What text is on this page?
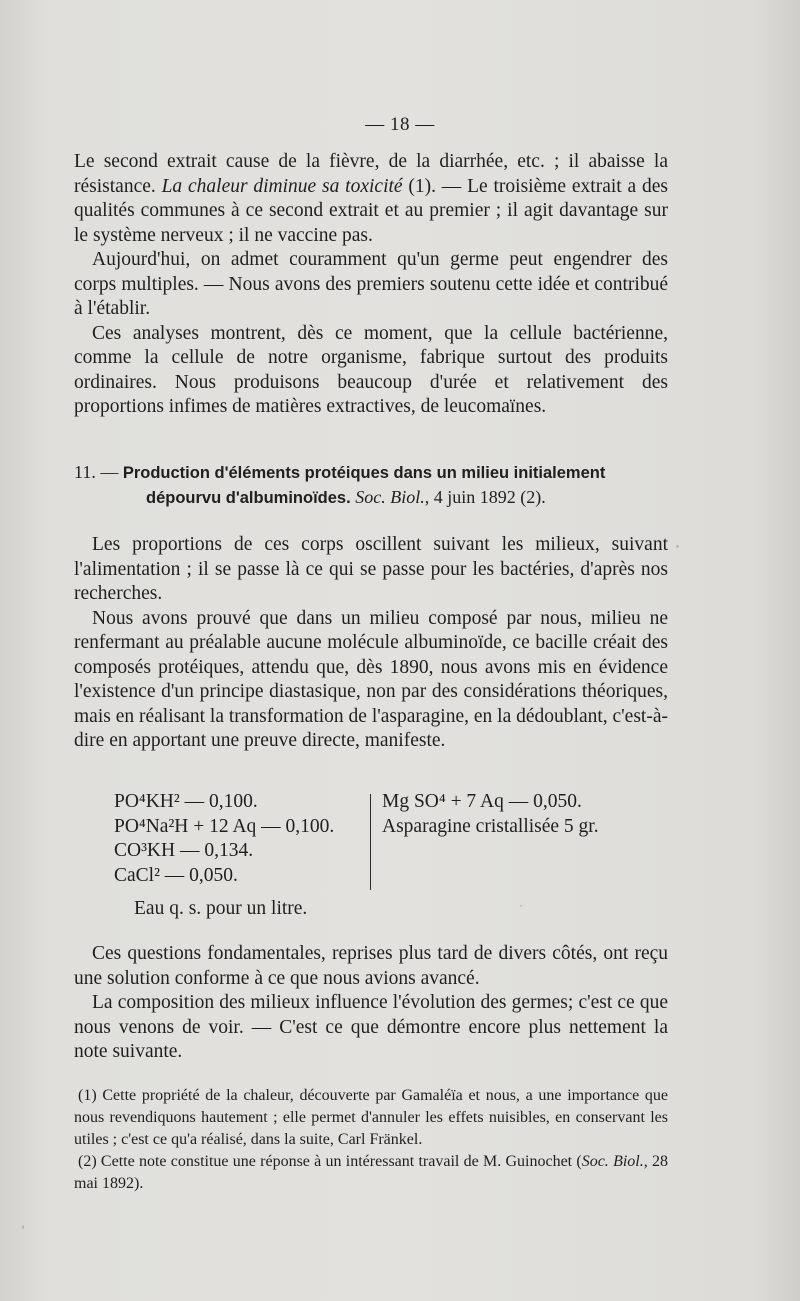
— 18 —

Le second extrait cause de la fièvre, de la diarrhée, etc. ; il abaisse la résistance. La chaleur diminue sa toxicité (1). — Le troisième extrait a des qualités communes à ce second extrait et au premier ; il agit davantage sur le système nerveux ; il ne vaccine pas.

Aujourd'hui, on admet couramment qu'un germe peut engendrer des corps multiples. — Nous avons des premiers soutenu cette idée et contribué à l'établir.

Ces analyses montrent, dès ce moment, que la cellule bactérienne, comme la cellule de notre organisme, fabrique surtout des produits ordinaires. Nous produisons beaucoup d'urée et relativement des proportions infimes de matières extractives, de leucomaïnes.

11. — Production d'éléments protéiques dans un milieu initialement
dépourvu d'albuminoïdes. Soc. Biol., 4 juin 1892 (2).

Les proportions de ces corps oscillent suivant les milieux, suivant l'alimentation ; il se passe là ce qui se passe pour les bactéries, d'après nos recherches.

Nous avons prouvé que dans un milieu composé par nous, milieu ne renfermant au préalable aucune molécule albuminoïde, ce bacille créait des composés protéiques, attendu que, dès 1890, nous avons mis en évidence l'existence d'un principe diastasique, non par des considérations théoriques, mais en réalisant la transformation de l'asparagine, en la dédoublant, c'est-à-dire en apportant une preuve directe, manifeste.

PO⁴KH² — 0,100.
PO⁴Na²H + 12 Aq — 0,100.
CO³KH — 0,134.
CaCl² — 0,050.
Mg SO⁴ + 7 Aq — 0,050.
Asparagine cristallisée 5 gr.
Eau q. s. pour un litre.

Ces questions fondamentales, reprises plus tard de divers côtés, ont reçu une solution conforme à ce que nous avions avancé.

La composition des milieux influence l'évolution des germes; c'est ce que nous venons de voir. — C'est ce que démontre encore plus nettement la note suivante.

(1) Cette propriété de la chaleur, découverte par Gamaléïa et nous, a une importance que nous revendiquons hautement ; elle permet d'annuler les effets nuisibles, en conservant les utiles ; c'est ce qu'a réalisé, dans la suite, Carl Fränkel.

(2) Cette note constitue une réponse à un intéressant travail de M. Guinochet (Soc. Biol., 28 mai 1892).
